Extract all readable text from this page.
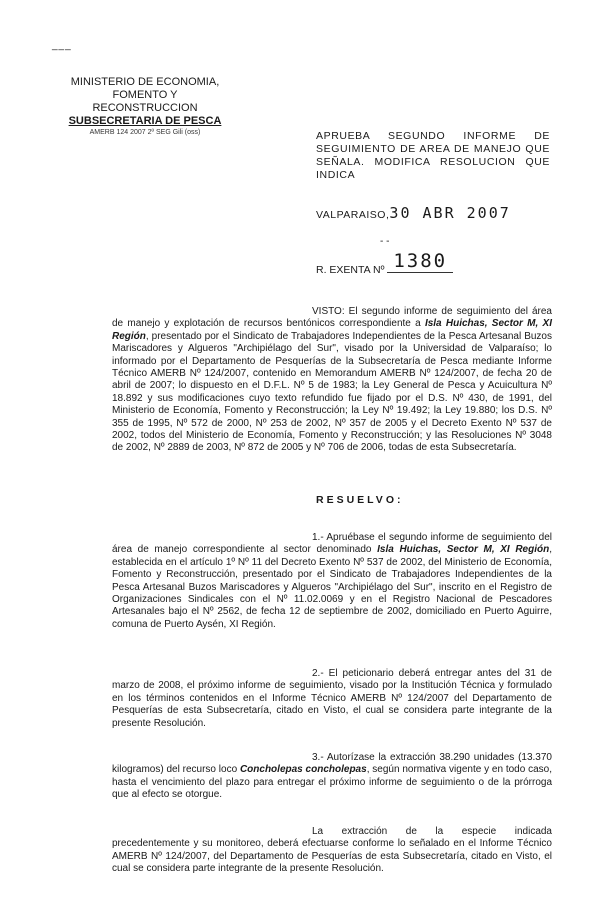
___
MINISTERIO DE ECONOMIA,
FOMENTO Y RECONSTRUCCION
SUBSECRETARIA DE PESCA
AMERB 124 2007 2º SEG Gili (oss)	APRUEBA SEGUNDO INFORME DE SEGUIMIENTO DE AREA DE MANEJO QUE SEÑALA. MODIFICA RESOLUCION QUE INDICA
VALPARAISO, 30 ABR 2007
- -
R. EXENTA Nº 1380
VISTO: El segundo informe de seguimiento del área de manejo y explotación de recursos bentónicos correspondiente a Isla Huichas, Sector M, XI Región, presentado por el Sindicato de Trabajadores Independientes de la Pesca Artesanal Buzos Mariscadores y Algueros "Archipiélago del Sur", visado por la Universidad de Valparaíso; lo informado por el Departamento de Pesquerías de la Subsecretaría de Pesca mediante Informe Técnico AMERB Nº 124/2007, contenido en Memorandum AMERB Nº 124/2007, de fecha 20 de abril de 2007; lo dispuesto en el D.F.L. Nº 5 de 1983; la Ley General de Pesca y Acuicultura Nº 18.892 y sus modificaciones cuyo texto refundido fue fijado por el D.S. Nº 430, de 1991, del Ministerio de Economía, Fomento y Reconstrucción; la Ley Nº 19.492; la Ley 19.880; los D.S. Nº 355 de 1995, Nº 572 de 2000, Nº 253 de 2002, Nº 357 de 2005 y el Decreto Exento Nº 537 de 2002, todos del Ministerio de Economía, Fomento y Reconstrucción; y las Resoluciones Nº 3048 de 2002, Nº 2889 de 2003, Nº 872 de 2005 y Nº 706 de 2006, todas de esta Subsecretaría.
RESUELVO:
1.- Apruébase el segundo informe de seguimiento del área de manejo correspondiente al sector denominado Isla Huichas, Sector M, XI Región, establecida en el artículo 1º Nº 11 del Decreto Exento Nº 537 de 2002, del Ministerio de Economía, Fomento y Reconstrucción, presentado por el Sindicato de Trabajadores Independientes de la Pesca Artesanal Buzos Mariscadores y Algueros "Archipiélago del Sur", inscrito en el Registro de Organizaciones Sindicales con el Nº 11.02.0069 y en el Registro Nacional de Pescadores Artesanales bajo el Nº 2562, de fecha 12 de septiembre de 2002, domiciliado en Puerto Aguirre, comuna de Puerto Aysén, XI Región.
2.- El peticionario deberá entregar antes del 31 de marzo de 2008, el próximo informe de seguimiento, visado por la Institución Técnica y formulado en los términos contenidos en el Informe Técnico AMERB Nº 124/2007 del Departamento de Pesquerías de esta Subsecretaría, citado en Visto, el cual se considera parte integrante de la presente Resolución.
3.- Autorízase la extracción 38.290 unidades (13.370 kilogramos) del recurso loco Concholepas concholepas, según normativa vigente y en todo caso, hasta el vencimiento del plazo para entregar el próximo informe de seguimiento o de la prórroga que al efecto se otorgue.
La extracción de la especie indicada precedentemente y su monitoreo, deberá efectuarse conforme lo señalado en el Informe Técnico AMERB Nº 124/2007, del Departamento de Pesquerías de esta Subsecretaría, citado en Visto, el cual se considera parte integrante de la presente Resolución.
